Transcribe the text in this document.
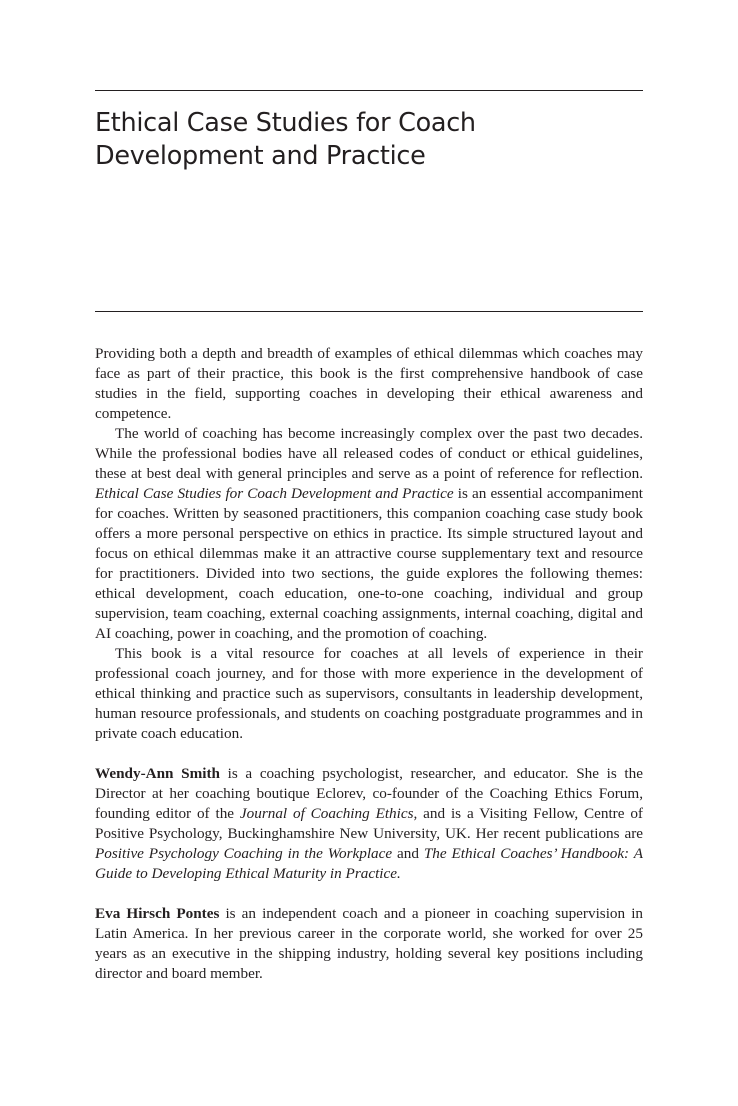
Ethical Case Studies for Coach
Development and Practice

Providing both a depth and breadth of examples of ethical dilemmas which coaches may face as part of their practice, this book is the first comprehensive handbook of case studies in the field, supporting coaches in developing their ethical awareness and competence.

The world of coaching has become increasingly complex over the past two decades. While the professional bodies have all released codes of conduct or ethical guidelines, these at best deal with general principles and serve as a point of reference for reflection. Ethical Case Studies for Coach Development and Practice is an essential accompaniment for coaches. Written by seasoned practitioners, this companion coaching case study book offers a more personal perspective on ethics in practice. Its simple structured layout and focus on ethical dilemmas make it an attractive course supplementary text and resource for practitioners. Divided into two sections, the guide explores the following themes: ethical development, coach education, one-to-one coaching, individual and group supervision, team coaching, external coaching assignments, internal coaching, digital and AI coaching, power in coaching, and the promotion of coaching.

This book is a vital resource for coaches at all levels of experience in their professional coach journey, and for those with more experience in the development of ethical thinking and practice such as supervisors, consultants in leadership development, human resource professionals, and students on coaching postgraduate programmes and in private coach education.

Wendy-Ann Smith is a coaching psychologist, researcher, and educator. She is the Director at her coaching boutique Eclorev, co-founder of the Coaching Ethics Forum, founding editor of the Journal of Coaching Ethics, and is a Visiting Fellow, Centre of Positive Psychology, Buckinghamshire New University, UK. Her recent publications are Positive Psychology Coaching in the Workplace and The Ethical Coaches’ Handbook: A Guide to Developing Ethical Maturity in Practice.

Eva Hirsch Pontes is an independent coach and a pioneer in coaching supervision in Latin America. In her previous career in the corporate world, she worked for over 25 years as an executive in the shipping industry, holding several key positions including director and board member.
